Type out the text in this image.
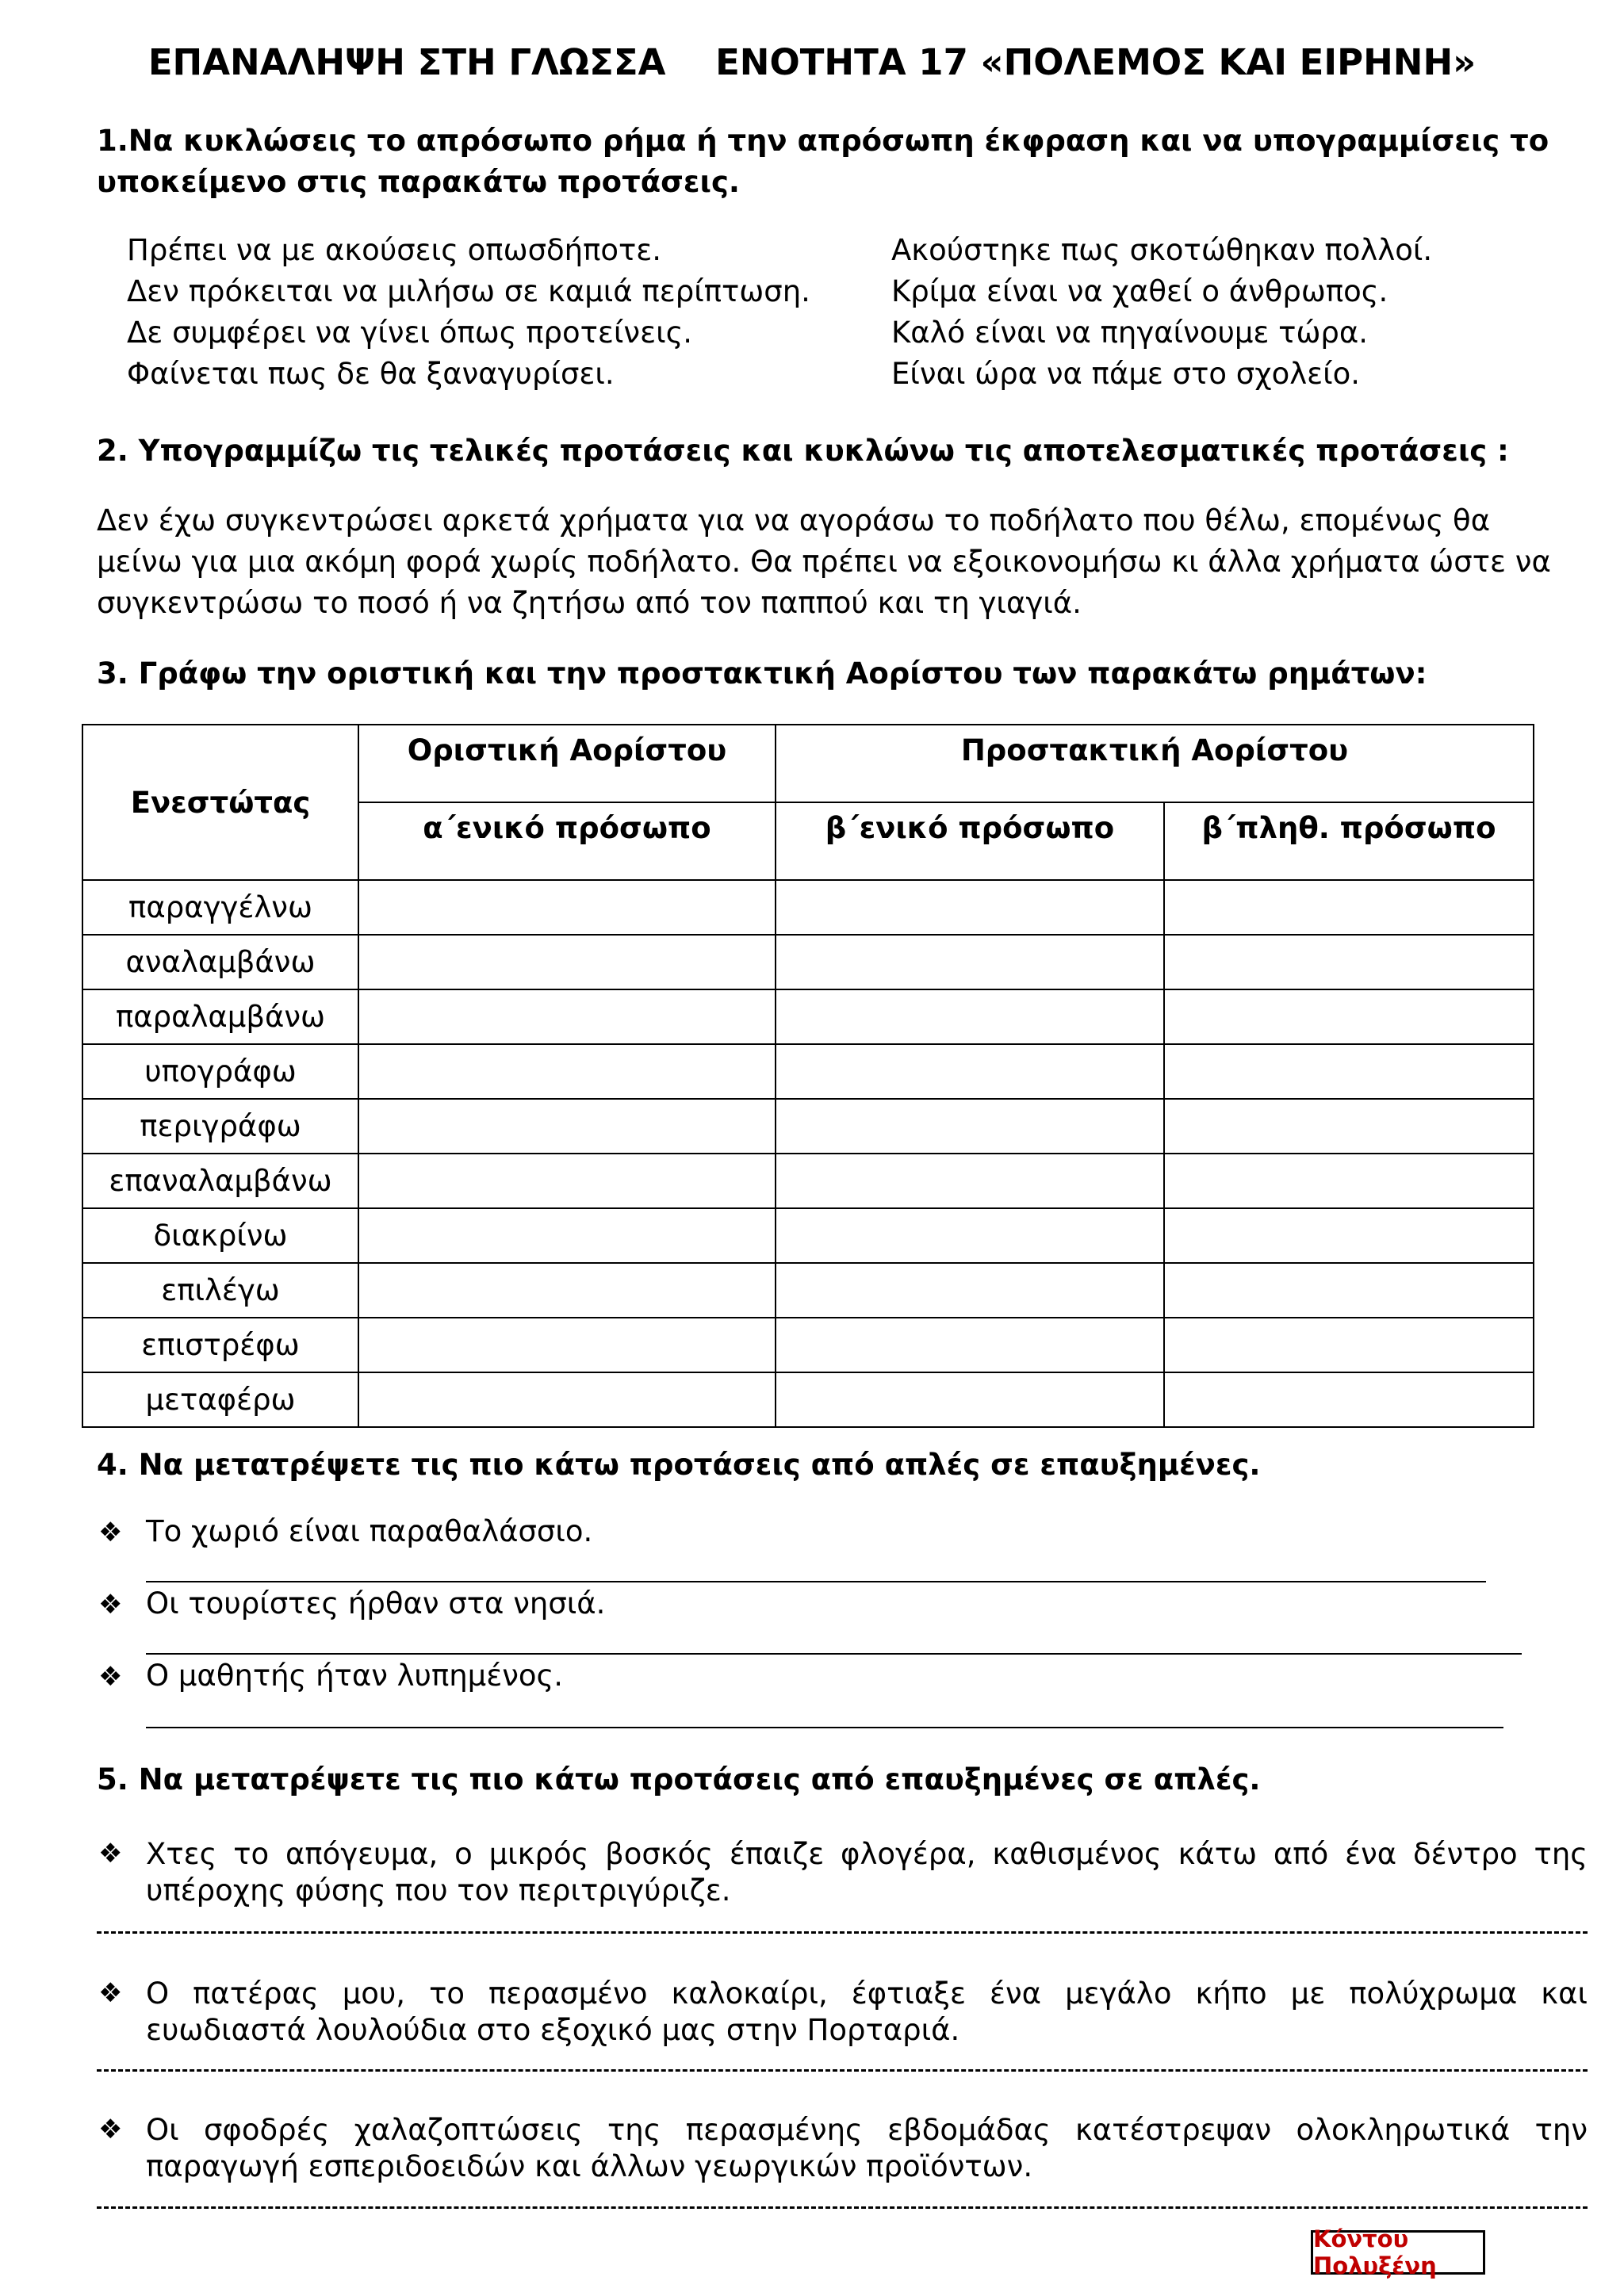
ΕΠΑΝΑΛΗΨΗ ΣΤΗ ΓΛΩΣΣΑ    ΕΝΟΤΗΤΑ 17 «ΠΟΛΕΜΟΣ ΚΑΙ ΕΙΡΗΝΗ»
1.Να κυκλώσεις το απρόσωπο ρήμα ή την απρόσωπη έκφραση και να υπογραμμίσεις το
υποκείμενο στις παρακάτω προτάσεις.
Πρέπει να με ακούσεις οπωσδήποτε.
Δεν πρόκειται να μιλήσω σε καμιά περίπτωση.
Δε συμφέρει να γίνει όπως προτείνεις.
Φαίνεται πως δε θα ξαναγυρίσει.
Ακούστηκε πως σκοτώθηκαν πολλοί.
Κρίμα είναι να χαθεί ο άνθρωπος.
Καλό είναι να πηγαίνουμε τώρα.
Είναι ώρα να πάμε στο σχολείο.
2. Υπογραμμίζω τις τελικές προτάσεις και κυκλώνω τις αποτελεσματικές προτάσεις :
Δεν έχω συγκεντρώσει αρκετά χρήματα για να αγοράσω το ποδήλατο που θέλω, επομένως θα
μείνω για μια ακόμη φορά χωρίς ποδήλατο. Θα πρέπει να εξοικονομήσω κι άλλα χρήματα ώστε να
συγκεντρώσω το ποσό ή να ζητήσω από τον παππού και τη γιαγιά.
3. Γράφω την οριστική και την προστακτική Αορίστου των παρακάτω ρημάτων:
Ενεστώτας	Οριστική Αορίστου	Προστακτική Αορίστου	
	α΄ενικό πρόσωπο	β΄ενικό πρόσωπο	β΄πληθ. πρόσωπο
παραγγέλνω			
αναλαμβάνω			
παραλαμβάνω			
υπογράφω			
περιγράφω			
επαναλαμβάνω			
διακρίνω			
επιλέγω			
επιστρέφω			
μεταφέρω			
4. Να μετατρέψετε τις πιο κάτω προτάσεις από απλές σε επαυξημένες.
❖ Το χωριό είναι παραθαλάσσιο.
❖ Οι τουρίστες ήρθαν στα νησιά.
❖ Ο μαθητής ήταν λυπημένος.
5. Να μετατρέψετε τις πιο κάτω προτάσεις από επαυξημένες σε απλές.
❖ Χτες το απόγευμα, ο μικρός βοσκός έπαιζε φλογέρα, καθισμένος κάτω από ένα δέντρο της
υπέροχης φύσης που τον περιτριγύριζε.
❖ Ο πατέρας μου, το περασμένο καλοκαίρι, έφτιαξε ένα μεγάλο κήπο με πολύχρωμα και
ευωδιαστά λουλούδια στο εξοχικό μας στην Πορταριά.
❖ Οι σφοδρές χαλαζοπτώσεις της περασμένης εβδομάδας κατέστρεψαν ολοκληρωτικά την
παραγωγή εσπεριδοειδών και άλλων γεωργικών προϊόντων.
Κόντου Πολυξένη
